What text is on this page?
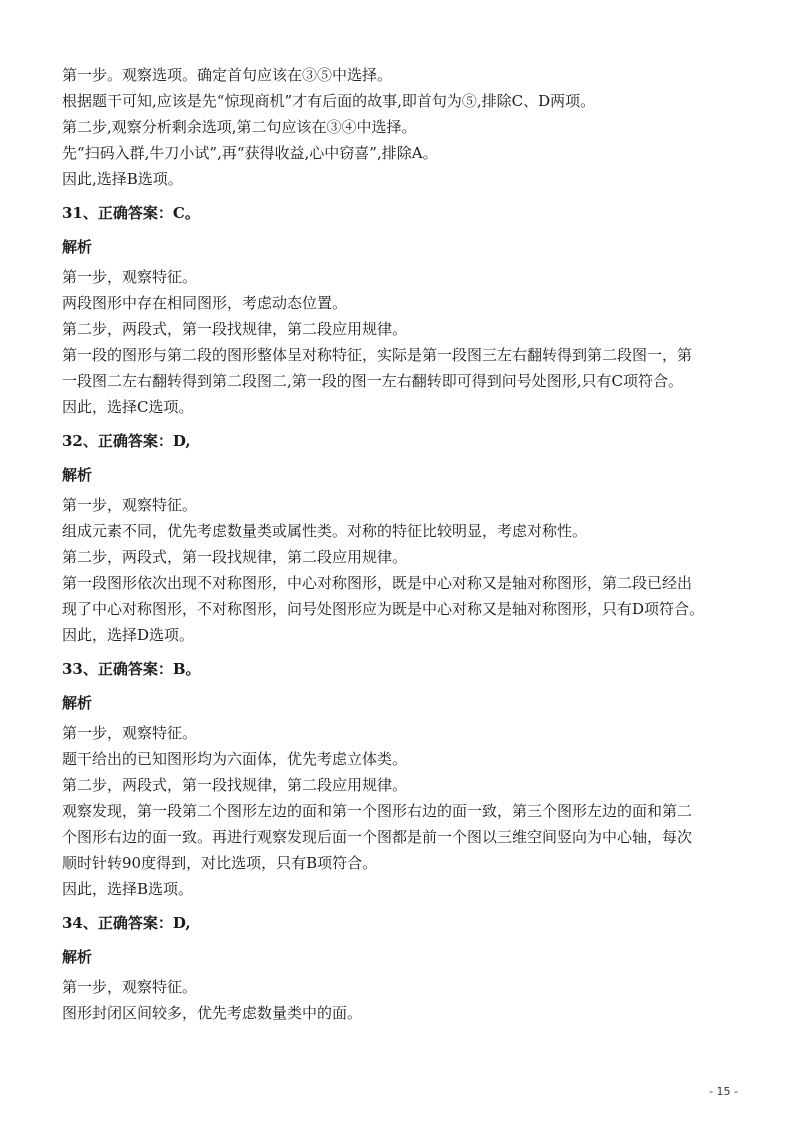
第一步。观察选项。确定首句应该在③⑤中选择。
根据题干可知,应该是先“惊现商机”才有后面的故事,即首句为⑤,排除C、D两项。
第二步,观察分析剩余选项,第二句应该在③④中选择。
先“扫码入群,牛刀小试”,再“获得收益,心中窃喜”,排除A。
因此,选择B选项。
31、正确答案：C。
解析
第一步，观察特征。
两段图形中存在相同图形，考虑动态位置。
第二步，两段式，第一段找规律，第二段应用规律。
第一段的图形与第二段的图形整体呈对称特征，实际是第一段图三左右翻转得到第二段图一，第
一段图二左右翻转得到第二段图二,第一段的图一左右翻转即可得到问号处图形,只有C项符合。
因此，选择C选项。
32、正确答案：D,
解析
第一步，观察特征。
组成元素不同，优先考虑数量类或属性类。对称的特征比较明显，考虑对称性。
第二步，两段式，第一段找规律，第二段应用规律。
第一段图形依次出现不对称图形，中心对称图形，既是中心对称又是轴对称图形，第二段已经出
现了中心对称图形，不对称图形，问号处图形应为既是中心对称又是轴对称图形，只有D项符合。
因此，选择D选项。
33、正确答案：B。
解析
第一步，观察特征。
题干给出的已知图形均为六面体，优先考虑立体类。
第二步，两段式，第一段找规律，第二段应用规律。
观察发现，第一段第二个图形左边的面和第一个图形右边的面一致，第三个图形左边的面和第二
个图形右边的面一致。再进行观察发现后面一个图都是前一个图以三维空间竖向为中心轴，每次
顺时针转90度得到，对比选项，只有B项符合。
因此，选择B选项。
34、正确答案：D,
解析
第一步，观察特征。
图形封闭区间较多，优先考虑数量类中的面。
- 15 -
